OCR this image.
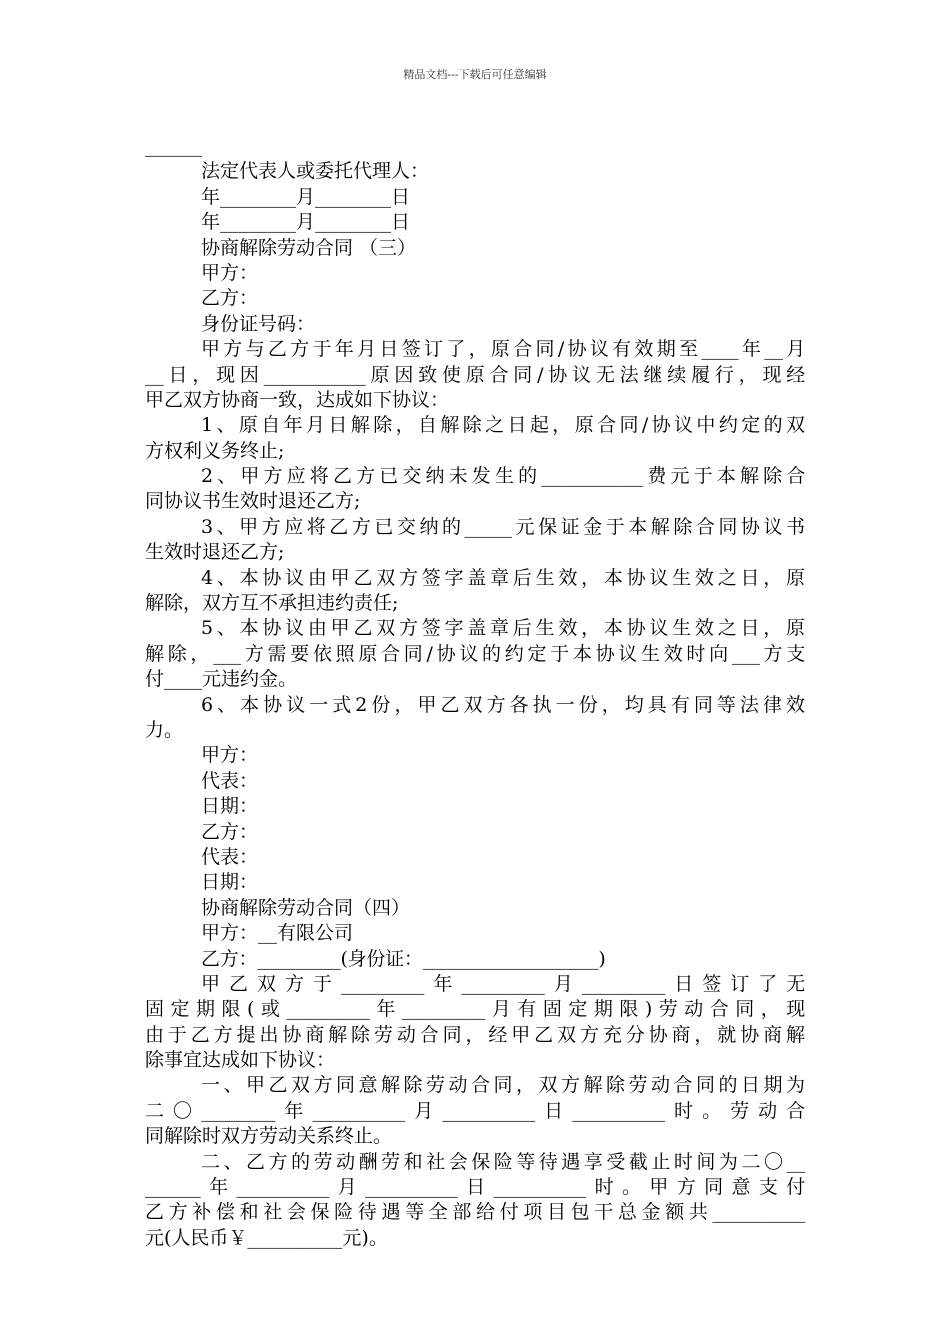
精品文档---下载后可任意编辑
______
法定代表人或委托代理人：
年________月________日
年________月________日
协商解除劳动合同 （三）
甲方：
乙方：
身份证号码：
甲方与乙方于年月日签订了，原合同/协议有效期至____年__月
__日，现因___________原因致使原合同/协议无法继续履行，现经
甲乙双方协商一致，达成如下协议：
1、原自年月日解除，自解除之日起，原合同/协议中约定的双
方权利义务终止;
2、甲方应将乙方已交纳未发生的___________费元于本解除合
同协议书生效时退还乙方;
3、甲方应将乙方已交纳的_____元保证金于本解除合同协议书
生效时退还乙方;
4、本协议由甲乙双方签字盖章后生效，本协议生效之日，原
解除，双方互不承担违约责任;
5、本协议由甲乙双方签字盖章后生效，本协议生效之日，原
解除，___方需要依照原合同/协议的约定于本协议生效时向___方支
付____元违约金。
6、本协议一式2份，甲乙双方各执一份，均具有同等法律效
力。
甲方：
代表：
日期：
乙方：
代表：
日期：
协商解除劳动合同（四）
甲方：__有限公司
乙方：_________(身份证：___________________)
甲乙双方于_________年_________月_________日签订了无
固定期限(或_________年_________月有固定期限)劳动合同，现
由于乙方提出协商解除劳动合同，经甲乙双方充分协商，就协商解
除事宜达成如下协议：
一、甲乙双方同意解除劳动合同，双方解除劳动合同的日期为
二〇________年__________月__________日__________时。劳动合
同解除时双方劳动关系终止。
二、乙方的劳动酬劳和社会保险等待遇享受截止时间为二〇__
______年__________月__________日__________时。甲方同意支付
乙方补偿和社会保险待遇等全部给付项目包干总金额共__________
元(人民币￥__________元)。
